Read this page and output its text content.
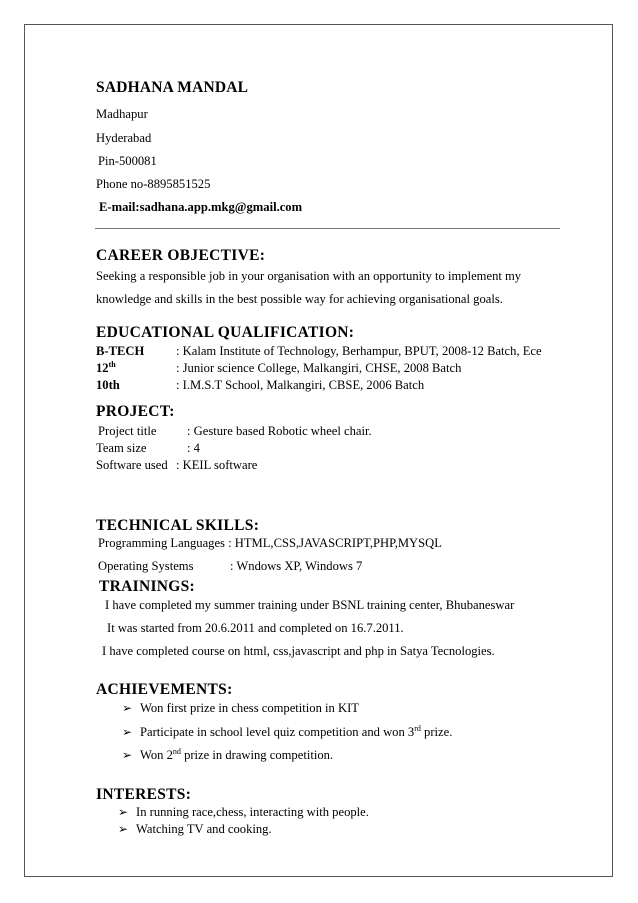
SADHANA MANDAL
Madhapur
Hyderabad
Pin-500081
Phone no-8895851525
E-mail:sadhana.app.mkg@gmail.com
CAREER OBJECTIVE:
Seeking a responsible job in your organisation with an opportunity to implement my
knowledge and skills in the best possible way for achieving organisational goals.
EDUCATIONAL QUALIFICATION:
B-TECH	: Kalam Institute of Technology, Berhampur, BPUT, 2008-12 Batch, Ece
12th	: Junior science College, Malkangiri, CHSE, 2008 Batch
10th	: I.M.S.T School, Malkangiri, CBSE, 2006 Batch
PROJECT:
Project title : Gesture based Robotic wheel chair.
Team size	: 4
Software used : KEIL software
TECHNICAL SKILLS:
Programming Languages : HTML,CSS,JAVASCRIPT,PHP,MYSQL
Operating Systems	: Wndows XP, Windows 7
TRAININGS:
I have completed my summer training under BSNL training center, Bhubaneswar
It was started from 20.6.2011 and completed on 16.7.2011.
I have completed course on html, css,javascript and php in Satya Tecnologies.
ACHIEVEMENTS:
➢ Won first prize in chess competition in KIT
➢ Participate in school level quiz competition and won 3rd prize.
➢ Won 2nd prize in drawing competition.
INTERESTS:
➢ In running race,chess, interacting with people.
➢ Watching TV and cooking.
